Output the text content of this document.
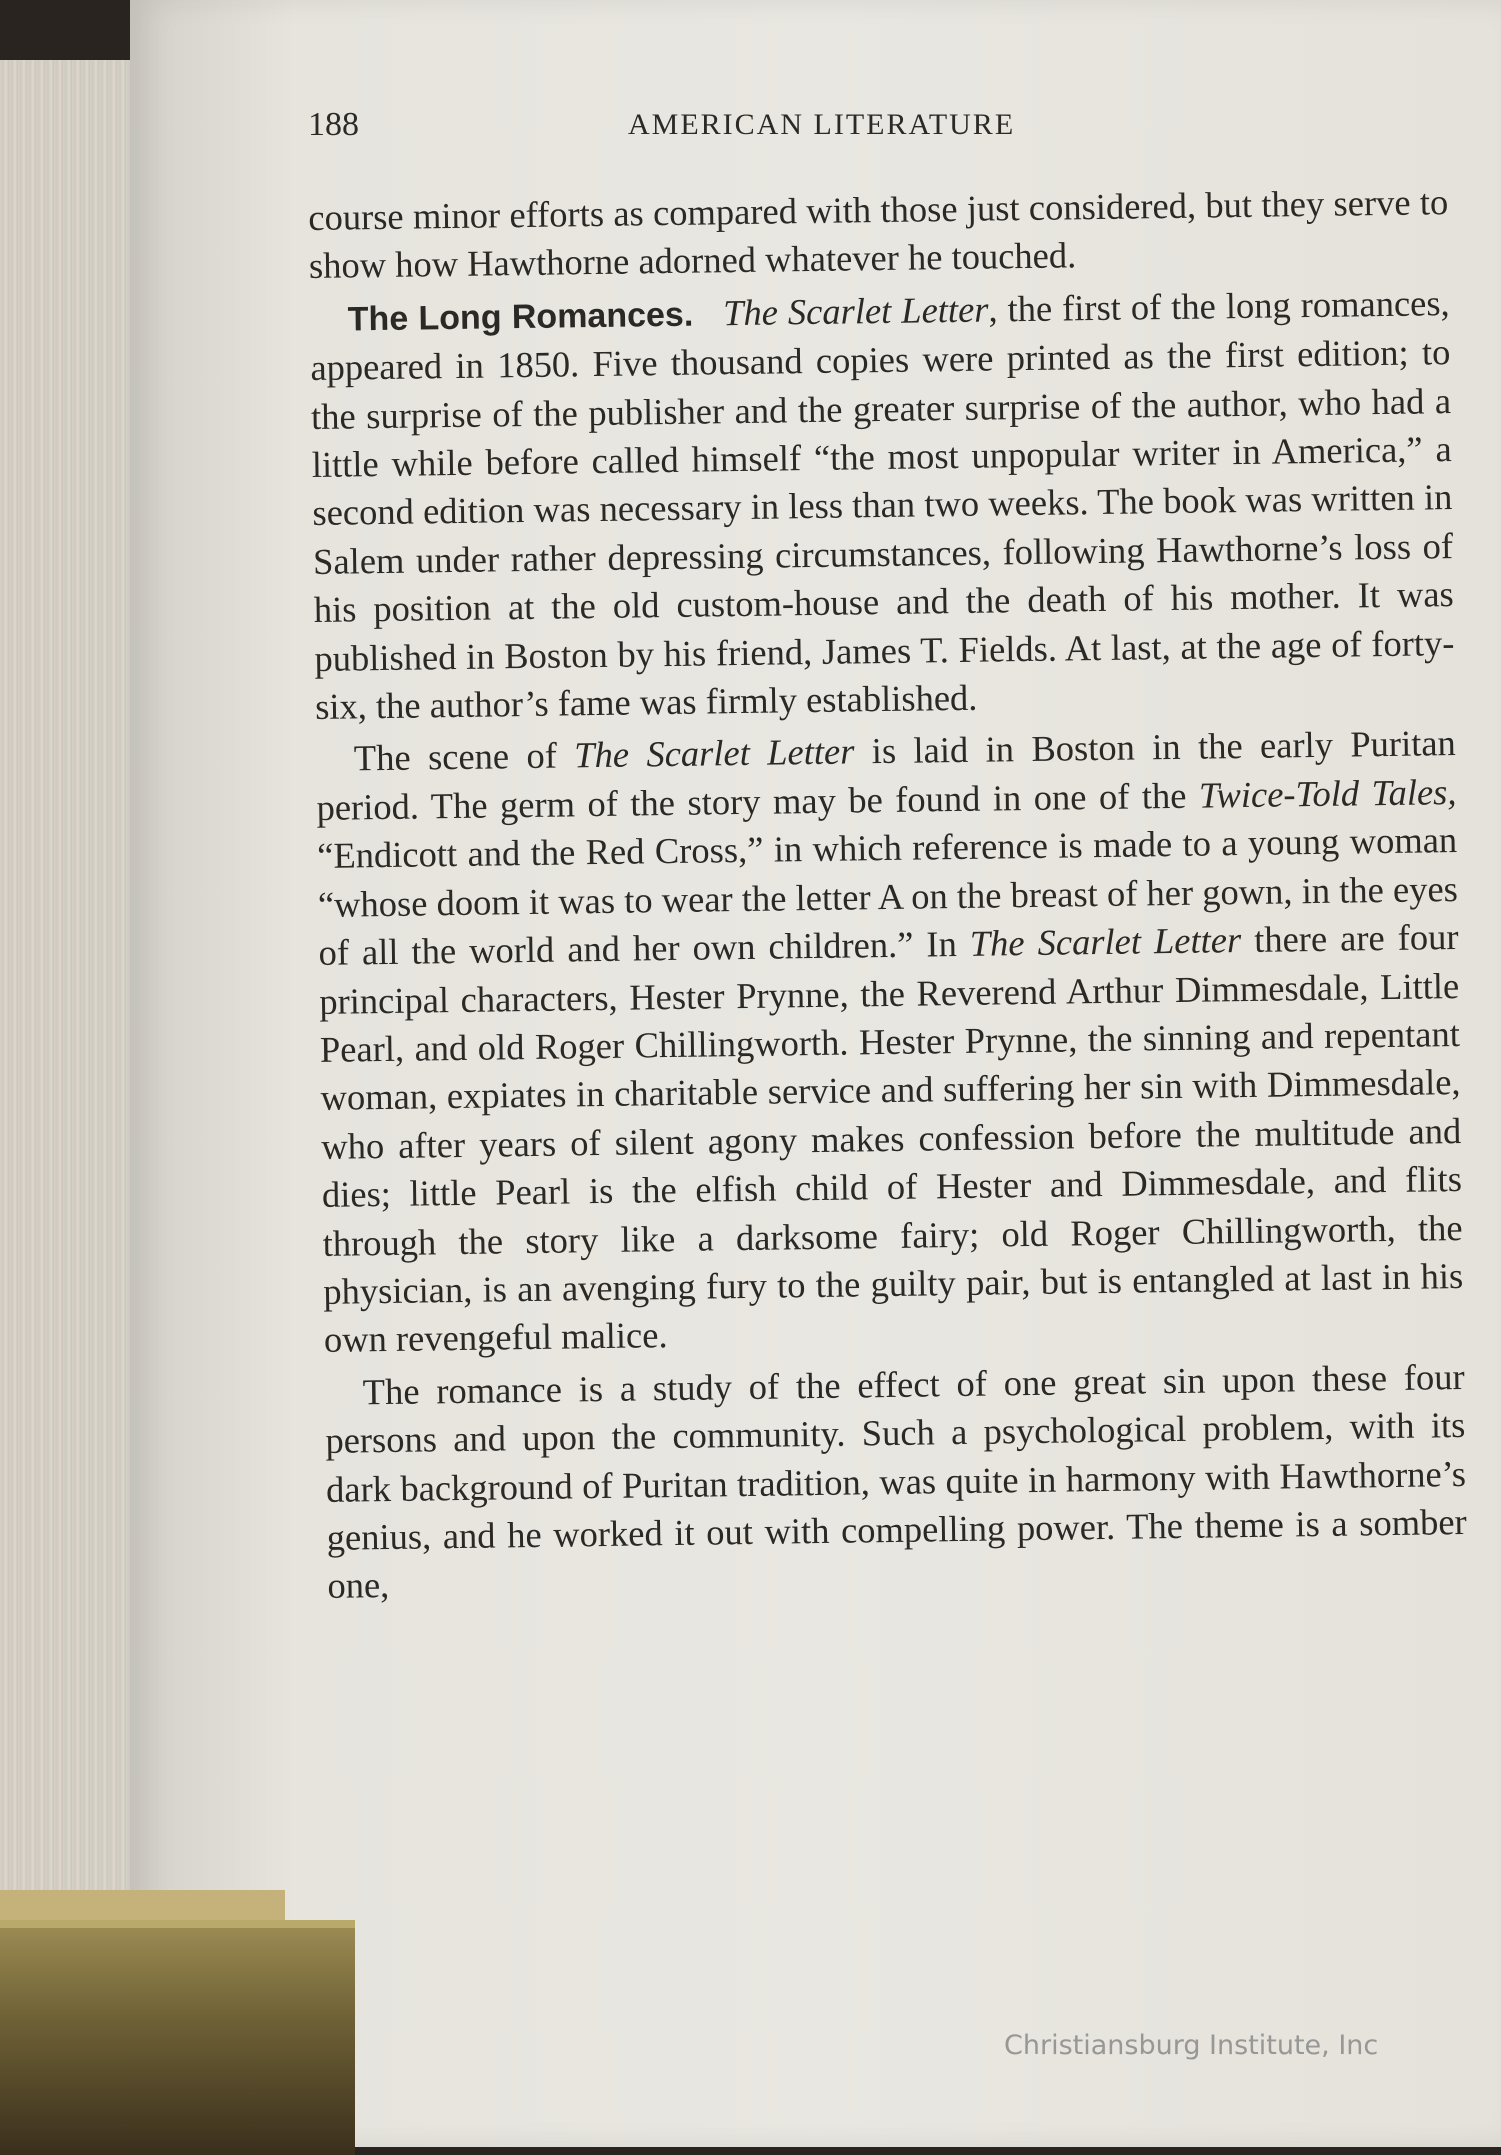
188	AMERICAN LITERATURE

course minor efforts as compared with those just considered, but they serve to show how Hawthorne adorned whatever he touched.

The Long Romances. The Scarlet Letter, the first of the long romances, appeared in 1850. Five thousand copies were printed as the first edition; to the surprise of the publisher and the greater surprise of the author, who had a little while before called himself “the most unpopular writer in America,” a second edition was necessary in less than two weeks. The book was written in Salem under rather depressing circumstances, following Hawthorne’s loss of his position at the old custom-house and the death of his mother. It was published in Boston by his friend, James T. Fields. At last, at the age of forty-six, the author’s fame was firmly established.

The scene of The Scarlet Letter is laid in Boston in the early Puritan period. The germ of the story may be found in one of the Twice-Told Tales, “Endicott and the Red Cross,” in which reference is made to a young woman “whose doom it was to wear the letter A on the breast of her gown, in the eyes of all the world and her own children.” In The Scarlet Letter there are four principal characters, Hester Prynne, the Reverend Arthur Dimmesdale, Little Pearl, and old Roger Chillingworth. Hester Prynne, the sinning and repentant woman, expiates in charitable service and suffering her sin with Dimmesdale, who after years of silent agony makes confession before the multitude and dies; little Pearl is the elfish child of Hester and Dimmesdale, and flits through the story like a darksome fairy; old Roger Chillingworth, the physician, is an avenging fury to the guilty pair, but is entangled at last in his own revengeful malice.

The romance is a study of the effect of one great sin upon these four persons and upon the community. Such a psychological problem, with its dark background of Puritan tradition, was quite in harmony with Hawthorne’s genius, and he worked it out with compelling power. The theme is a somber one,

Christiansburg Institute, Inc
